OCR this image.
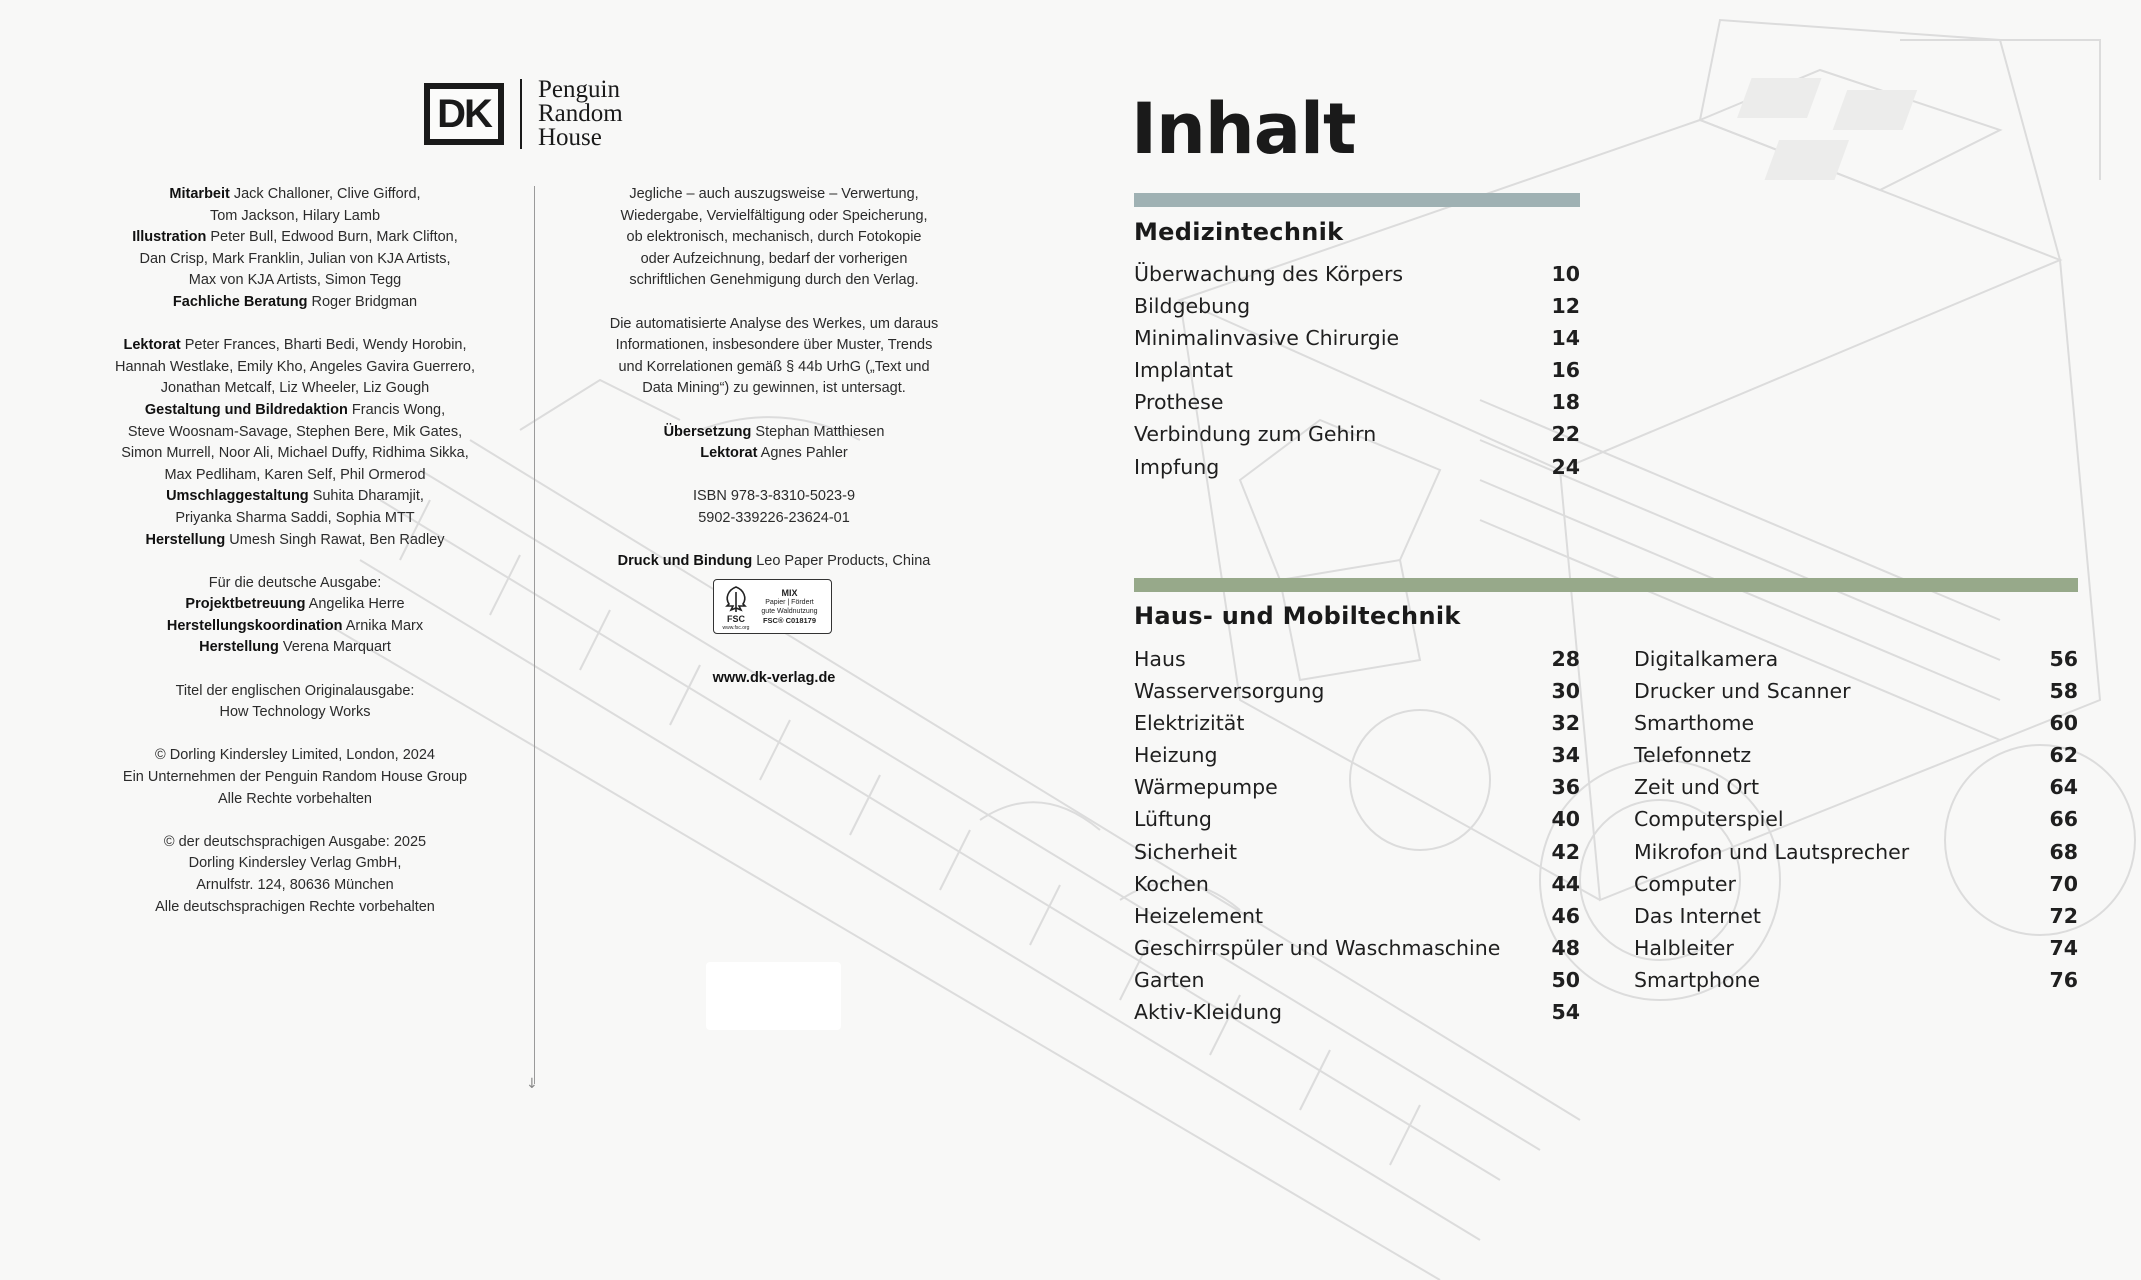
DK
Penguin
Random
House
Mitarbeit Jack Challoner, Clive Gifford,
Tom Jackson, Hilary Lamb
Illustration Peter Bull, Edwood Burn, Mark Clifton,
Dan Crisp, Mark Franklin, Julian von KJA Artists,
Max von KJA Artists, Simon Tegg
Fachliche Beratung Roger Bridgman
Lektorat Peter Frances, Bharti Bedi, Wendy Horobin,
Hannah Westlake, Emily Kho, Angeles Gavira Guerrero,
Jonathan Metcalf, Liz Wheeler, Liz Gough
Gestaltung und Bildredaktion Francis Wong,
Steve Woosnam-Savage, Stephen Bere, Mik Gates,
Simon Murrell, Noor Ali, Michael Duffy, Ridhima Sikka,
Max Pedliham, Karen Self, Phil Ormerod
Umschlaggestaltung Suhita Dharamjit,
Priyanka Sharma Saddi, Sophia MTT
Herstellung Umesh Singh Rawat, Ben Radley
Für die deutsche Ausgabe:
Projektbetreuung Angelika Herre
Herstellungskoordination Arnika Marx
Herstellung Verena Marquart
Titel der englischen Originalausgabe:
How Technology Works
© Dorling Kindersley Limited, London, 2024
Ein Unternehmen der Penguin Random House Group
Alle Rechte vorbehalten
© der deutschsprachigen Ausgabe: 2025
Dorling Kindersley Verlag GmbH,
Arnulfstr. 124, 80636 München
Alle deutschsprachigen Rechte vorbehalten
↓
Jegliche – auch auszugsweise – Verwertung,
Wiedergabe, Vervielfältigung oder Speicherung,
ob elektronisch, mechanisch, durch Fotokopie
oder Aufzeichnung, bedarf der vorherigen
schriftlichen Genehmigung durch den Verlag.
Die automatisierte Analyse des Werkes, um daraus
Informationen, insbesondere über Muster, Trends
und Korrelationen gemäß § 44b UrhG („Text und
Data Mining“) zu gewinnen, ist untersagt.
Übersetzung Stephan Matthiesen
Lektorat Agnes Pahler
ISBN 978-3-8310-5023-9
5902-339226-23624-01
Druck und Bindung Leo Paper Products, China
FSC
www.fsc.org
MIX
Papier | Fördert
gute Waldnutzung
FSC® C018179
www.dk-verlag.de
Inhalt
Medizintechnik
Überwachung des Körpers	10
Bildgebung	12
Minimalinvasive Chirurgie	14
Implantat	16
Prothese	18
Verbindung zum Gehirn	22
Impfung	24
Haus- und Mobiltechnik
Haus	28
Wasserversorgung	30
Elektrizität	32
Heizung	34
Wärmepumpe	36
Lüftung	40
Sicherheit	42
Kochen	44
Heizelement	46
Geschirrspüler und Waschmaschine 48
Garten	50
Aktiv-Kleidung	54
Digitalkamera	56
Drucker und Scanner	58
Smarthome	60
Telefonnetz	62
Zeit und Ort	64
Computerspiel	66
Mikrofon und Lautsprecher	68
Computer	70
Das Internet	72
Halbleiter	74
Smartphone	76
